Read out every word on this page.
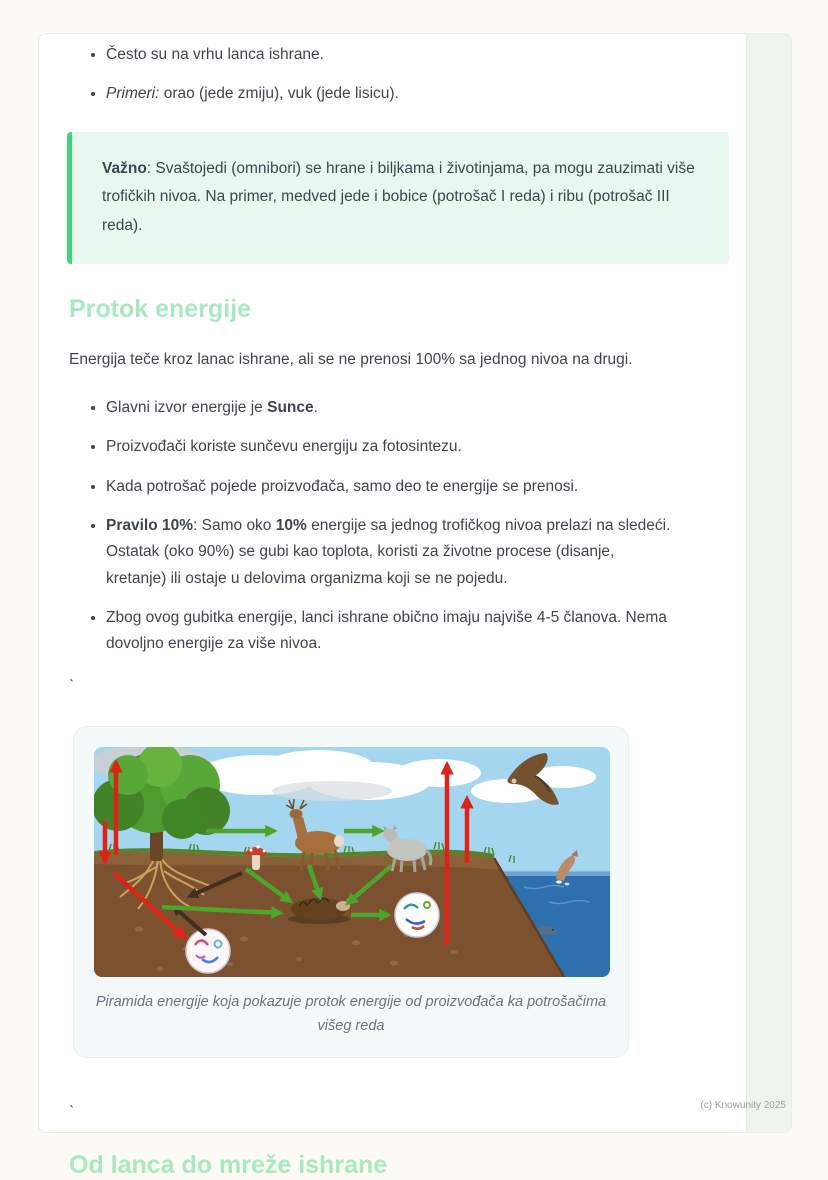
• Često su na vrhu lanca ishrane.
• Primeri: orao (jede zmiju), vuk (jede lisicu).
Važno: Svaštojedi (omnibori) se hrane i biljkama i životinjama, pa mogu zauzimati više trofičkih nivoa. Na primer, medved jede i bobice (potrošač I reda) i ribu (potrošač III reda).
Protok energije
Energija teče kroz lanac ishrane, ali se ne prenosi 100% sa jednog nivoa na drugi.
• Glavni izvor energije je Sunce.
• Proizvođači koriste sunčevu energiju za fotosintezu.
• Kada potrošač pojede proizvođača, samo deo te energije se prenosi.
• Pravilo 10%: Samo oko 10% energije sa jednog trofičkog nivoa prelazi na sledeći. Ostatak (oko 90%) se gubi kao toplota, koristi za životne procese (disanje, kretanje) ili ostaje u delovima organizma koji se ne pojedu.
• Zbog ovog gubitka energije, lanci ishrane obično imaju najviše 4-5 članova. Nema dovoljno energije za više nivoa.
`
Piramida energije koja pokazuje protok energije od proizvođača ka potrošačima višeg reda
`
Od lanca do mreže ishrane
(c) Knowunity 2025
